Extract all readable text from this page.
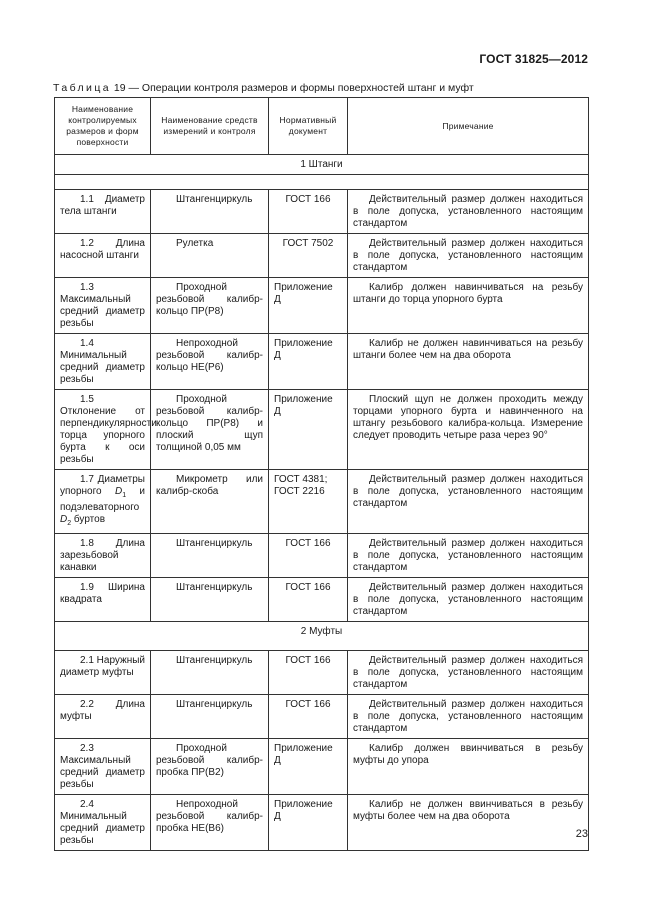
ГОСТ 31825—2012
Таблица 19 — Операции контроля размеров и формы поверхностей штанг и муфт
Наименование контролируемых размеров и форм поверхности	Наименование средств измерений и контроля	Нормативный документ	Примечание
1 Штанги			

1.1 Диаметр тела штанги	Штангенциркуль	ГОСТ 166	Действительный размер должен находиться в поле допуска, установленного настоящим стандартом
1.2 Длина насосной штанги	Рулетка	ГОСТ 7502	Действительный размер должен находиться в поле допуска, установленного настоящим стандартом
1.3 Максимальный средний диаметр резьбы	Проходной резьбовой калибр-кольцо ПР(Р8)	Приложение Д	Калибр должен навинчиваться на резьбу штанги до торца упорного бурта
1.4 Минимальный средний диаметр резьбы	Непроходной резьбовой калибр-кольцо НЕ(Р6)	Приложение Д	Калибр не должен навинчиваться на резьбу штанги более чем на два оборота
1.5 Отклонение от перпендикулярности торца упорного бурта к оси резьбы	Проходной резьбовой калибр-кольцо ПР(Р8) и плоский щуп толщиной 0,05 мм	Приложение Д	Плоский щуп не должен проходить между торцами упорного бурта и навинченного на штангу резьбового калибра-кольца. Измерение следует проводить четыре раза через 90°
1.7 Диаметры упорного $D_1$ и подэлеваторного $D_2$ буртов	Микрометр или калибр-скоба	ГОСТ 4381; ГОСТ 2216	Действительный размер должен находиться в поле допуска, установленного настоящим стандартом
1.8 Длина зарезьбовой канавки	Штангенциркуль	ГОСТ 166	Действительный размер должен находиться в поле допуска, установленного настоящим стандартом
1.9 Ширина квадрата	Штангенциркуль	ГОСТ 166	Действительный размер должен находиться в поле допуска, установленного настоящим стандартом
2 Муфты			
2.1 Наружный диаметр муфты	Штангенциркуль	ГОСТ 166	Действительный размер должен находиться в поле допуска, установленного настоящим стандартом
2.2 Длина муфты	Штангенциркуль	ГОСТ 166	Действительный размер должен находиться в поле допуска, установленного настоящим стандартом
2.3 Максимальный средний диаметр резьбы	Проходной резьбовой калибр-пробка ПР(В2)	Приложение Д	Калибр должен ввинчиваться в резьбу муфты до упора
2.4 Минимальный средний диаметр резьбы	Непроходной резьбовой калибр-пробка НЕ(В6)	Приложение Д	Калибр не должен ввинчиваться в резьбу муфты более чем на два оборота
23
